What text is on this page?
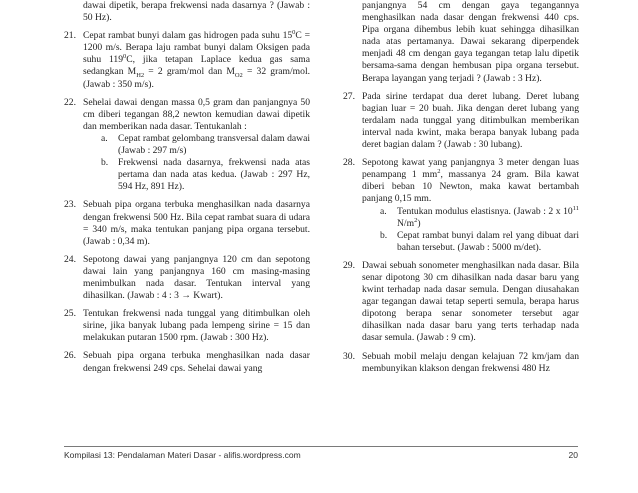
dawai dipetik, berapa frekwensi nada dasarnya ? (Jawab : 50 Hz).
21. Cepat rambat bunyi dalam gas hidrogen pada suhu $15^0C = 1200$ m/s. Berapa laju rambat bunyi dalam Oksigen pada suhu $119^0C$, jika tetapan Laplace kedua gas sama sedangkan $M_{H2} = 2$ gram/mol dan $M_{O2} = 32$ gram/mol. (Jawab : 350 m/s).
22. Sehelai dawai dengan massa 0,5 gram dan panjangnya 50 cm diberi tegangan 88,2 newton kemudian dawai dipetik dan memberikan nada dasar. Tentukanlah :
a. Cepat rambat gelombang transversal dalam dawai (Jawab : 297 m/s)
b. Frekwensi nada dasarnya, frekwensi nada atas pertama dan nada atas kedua. (Jawab : 297 Hz, 594 Hz, 891 Hz).
23. Sebuah pipa organa terbuka menghasilkan nada dasarnya dengan frekwensi 500 Hz. Bila cepat rambat suara di udara = 340 m/s, maka tentukan panjang pipa organa tersebut. (Jawab : 0,34 m).
24. Sepotong dawai yang panjangnya 120 cm dan sepotong dawai lain yang panjangnya 160 cm masing-masing menimbulkan nada dasar. Tentukan interval yang dihasilkan. (Jawab : 4 : 3 → Kwart).
25. Tentukan frekwensi nada tunggal yang ditimbulkan oleh sirine, jika banyak lubang pada lempeng sirine = 15 dan melakukan putaran 1500 rpm. (Jawab : 300 Hz).
26. Sebuah pipa organa terbuka menghasilkan nada dasar dengan frekwensi 249 cps. Sehelai dawai yang
panjangnya 54 cm dengan gaya tegangannya menghasilkan nada dasar dengan frekwensi 440 cps. Pipa organa dihembus lebih kuat sehingga dihasilkan nada atas pertamanya. Dawai sekarang diperpendek menjadi 48 cm dengan gaya tegangan tetap lalu dipetik bersama-sama dengan hembusan pipa organa tersebut. Berapa layangan yang terjadi ? (Jawab : 3 Hz).
27. Pada sirine terdapat dua deret lubang. Deret lubang bagian luar = 20 buah. Jika dengan deret lubang yang terdalam nada tunggal yang ditimbulkan memberikan interval nada kwint, maka berapa banyak lubang pada deret bagian dalam ? (Jawab : 30 lubang).
28. Sepotong kawat yang panjangnya 3 meter dengan luas penampang 1 $mm^2$, massanya 24 gram. Bila kawat diberi beban 10 Newton, maka kawat bertambah panjang 0,15 mm.
a. Tentukan modulus elastisnya. (Jawab : 2 x $10^{11}$ $N/m^2$)
b. Cepat rambat bunyi dalam rel yang dibuat dari bahan tersebut. (Jawab : 5000 m/det).
29. Dawai sebuah sonometer menghasilkan nada dasar. Bila senar dipotong 30 cm dihasilkan nada dasar baru yang kwint terhadap nada dasar semula. Dengan diusahakan agar tegangan dawai tetap seperti semula, berapa harus dipotong berapa senar sonometer tersebut agar dihasilkan nada dasar baru yang terts terhadap nada dasar semula. (Jawab : 9 cm).
30. Sebuah mobil melaju dengan kelajuan 72 km/jam dan membunyikan klakson dengan frekwensi 480 Hz
Kompilasi 13: Pendalaman Materi Dasar - alifis.wordpress.com	20
